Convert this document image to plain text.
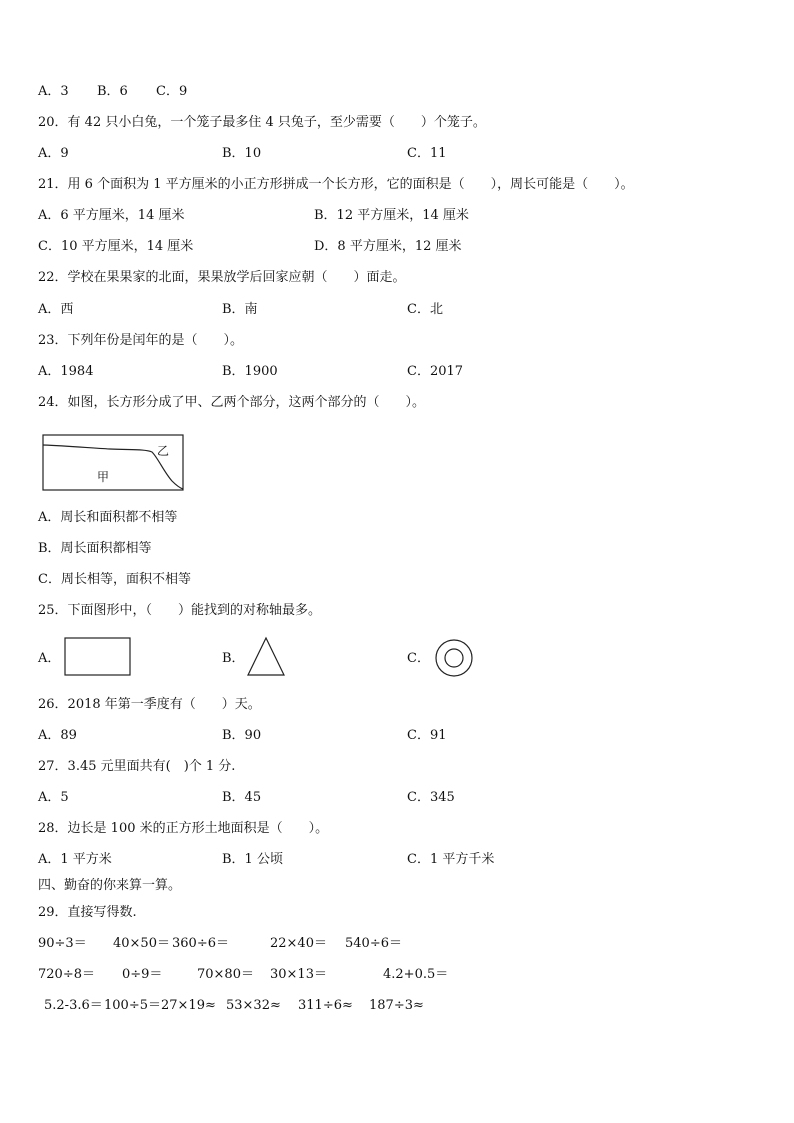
A．3 B．6 C．9
20．有 42 只小白兔，一个笼子最多住 4 只兔子，至少需要（　　）个笼子。
A．9	B．10	C．11
21．用 6 个面积为 1 平方厘米的小正方形拼成一个长方形，它的面积是（　　），周长可能是（　　）。
A．6 平方厘米，14 厘米	B．12 平方厘米，14 厘米
C．10 平方厘米，14 厘米	D．8 平方厘米，12 厘米
22．学校在果果家的北面，果果放学后回家应朝（　　）面走。
A．西	B．南	C．北
23．下列年份是闰年的是（　　）。
A．1984	B．1900	C．2017
24．如图，长方形分成了甲、乙两个部分，这两个部分的（　　）。
甲
乙
A．周长和面积都不相等
B．周长面积都相等
C．周长相等，面积不相等
25．下面图形中，（　　）能找到的对称轴最多。
A．	B．	C．
26．2018 年第一季度有（　　）天。
A．89	B．90	C．91
27．3.45 元里面共有(　)个 1 分.
A．5	B．45	C．345
28．边长是 100 米的正方形土地面积是（　　）。
A．1 平方米	B．1 公顷	C．1 平方千米
四、勤奋的你来算一算。
29．直接写得数.
90÷3＝ 40×50＝ 360÷6＝	22×40＝ 540÷6＝
720÷8＝ 0÷9＝	70×80＝ 30×13＝	4.2+0.5＝
5.2-3.6＝ 100÷5＝ 27×19≈ 53×32≈ 311÷6≈ 187÷3≈
